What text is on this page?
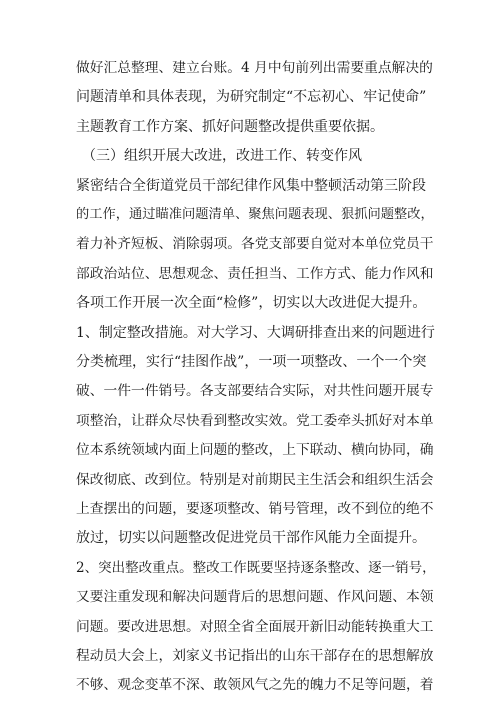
做好汇总整理、建立台账。4 月中旬前列出需要重点解决的
问题清单和具体表现，为研究制定“不忘初心、牢记使命”
主题教育工作方案、抓好问题整改提供重要依据。
（三）组织开展大改进，改进工作、转变作风
紧密结合全街道党员干部纪律作风集中整顿活动第三阶段
的工作，通过瞄准问题清单、聚焦问题表现、狠抓问题整改，
着力补齐短板、消除弱项。各党支部要自觉对本单位党员干
部政治站位、思想观念、责任担当、工作方式、能力作风和
各项工作开展一次全面“检修”，切实以大改进促大提升。
1、制定整改措施。对大学习、大调研排查出来的问题进行
分类梳理，实行“挂图作战”，一项一项整改、一个一个突
破、一件一件销号。各支部要结合实际，对共性问题开展专
项整治，让群众尽快看到整改实效。党工委牵头抓好对本单
位本系统领域内面上问题的整改，上下联动、横向协同，确
保改彻底、改到位。特别是对前期民主生活会和组织生活会
上查摆出的问题，要逐项整改、销号管理，改不到位的绝不
放过，切实以问题整改促进党员干部作风能力全面提升。
2、突出整改重点。整改工作既要坚持逐条整改、逐一销号，
又要注重发现和解决问题背后的思想问题、作风问题、本领
问题。要改进思想。对照全省全面展开新旧动能转换重大工
程动员大会上，刘家义书记指出的山东干部存在的思想解放
不够、观念变革不深、敢领风气之先的魄力不足等问题，着
